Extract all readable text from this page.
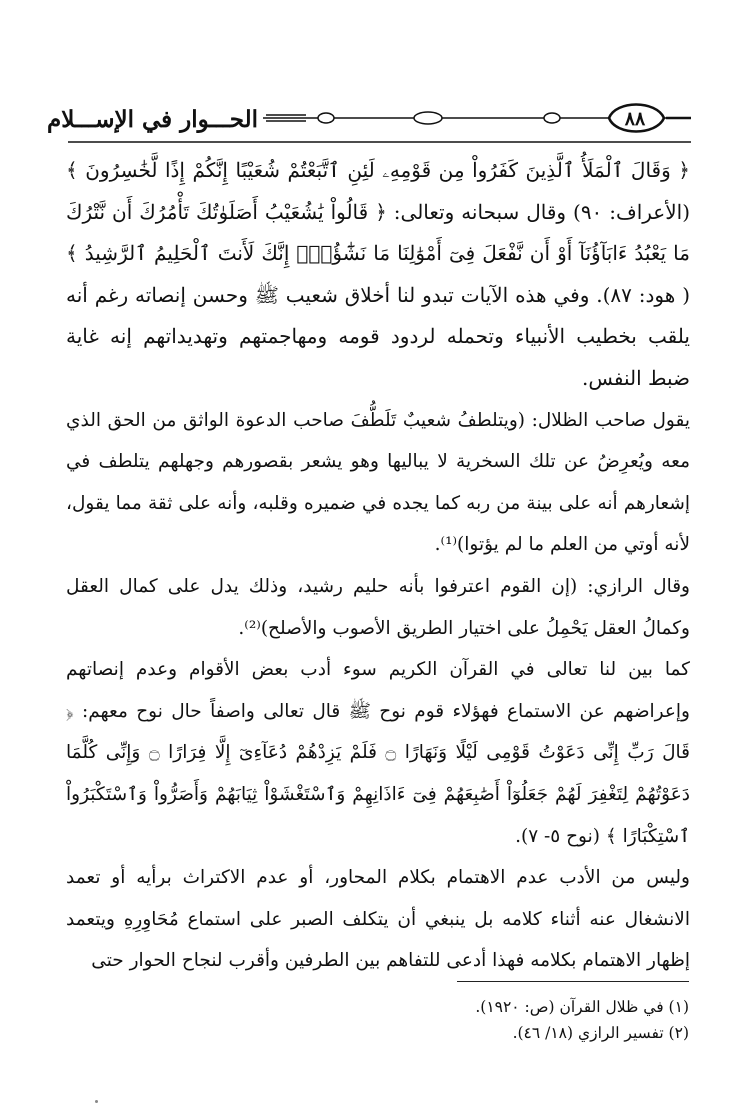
٨٨
الحـــوار في الإســـلام

﴿ وَقَالَ ٱلْمَلَأُ ٱلَّذِينَ كَفَرُواْ مِن قَوْمِهِۦ لَئِنِ ٱتَّبَعْتُمْ شُعَيْبًا إِنَّكُمْ إِذًا لَّخَٰسِرُونَ ﴾ (الأعراف: ٩٠) وقال سبحانه وتعالى: ﴿ قَالُواْ يَٰشُعَيْبُ أَصَلَوٰتُكَ تَأْمُرُكَ أَن نَّتْرُكَ مَا يَعْبُدُ ءَابَآؤُنَآ أَوْ أَن نَّفْعَلَ فِىٓ أَمْوَٰلِنَا مَا نَشَٰٓؤُاْۖ إِنَّكَ لَأَنتَ ٱلْحَلِيمُ ٱلرَّشِيدُ ﴾ ( هود: ٨٧). وفي هذه الآيات تبدو لنا أخلاق شعيب ﷺ وحسن إنصاته رغم أنه يلقب بخطيب الأنبياء وتحمله لردود قومه ومهاجمتهم وتهديداتهم إنه غاية ضبط النفس.

يقول صاحب الظلال: (ويتلطفُ شعيبٌ تَلَطُّفَ صاحب الدعوة الواثق من الحق الذي معه ويُعرِضُ عن تلك السخرية لا يباليها وهو يشعر بقصورهم وجهلهم يتلطف في إشعارهم أنه على بينة من ربه كما يجده في ضميره وقلبه، وأنه على ثقة مما يقول، لأنه أوتي من العلم ما لم يؤتوا)⁽¹⁾.

وقال الرازي: (إن القوم اعترفوا بأنه حليم رشيد، وذلك يدل على كمال العقل وكمالُ العقل يَحْمِلُ على اختيار الطريق الأصوب والأصلح)⁽²⁾.

كما بين لنا تعالى في القرآن الكريم سوء أدب بعض الأقوام وعدم إنصاتهم وإعراضهم عن الاستماع فهؤلاء قوم نوح ﷺ قال تعالى واصفاً حال نوح معهم: ﴿ قَالَ رَبِّ إِنِّى دَعَوْتُ قَوْمِى لَيْلًا وَنَهَارًا ۝ فَلَمْ يَزِدْهُمْ دُعَآءِىٓ إِلَّا فِرَارًا ۝ وَإِنِّى كُلَّمَا دَعَوْتُهُمْ لِتَغْفِرَ لَهُمْ جَعَلُوٓاْ أَصَٰبِعَهُمْ فِىٓ ءَاذَانِهِمْ وَٱسْتَغْشَوْاْ ثِيَابَهُمْ وَأَصَرُّواْ وَٱسْتَكْبَرُواْ ٱسْتِكْبَارًا ﴾ (نوح ٥- ٧).

وليس من الأدب عدم الاهتمام بكلام المحاور، أو عدم الاكتراث برأيه أو تعمد الانشغال عنه أثناء كلامه بل ينبغي أن يتكلف الصبر على استماع مُحَاوِرِهِ ويتعمد إظهار الاهتمام بكلامه فهذا أدعى للتفاهم بين الطرفين وأقرب لنجاح الحوار حتى

(١) في ظلال القرآن (ص: ١٩٢٠).
(٢) تفسير الرازي (١٨/ ٤٦).
